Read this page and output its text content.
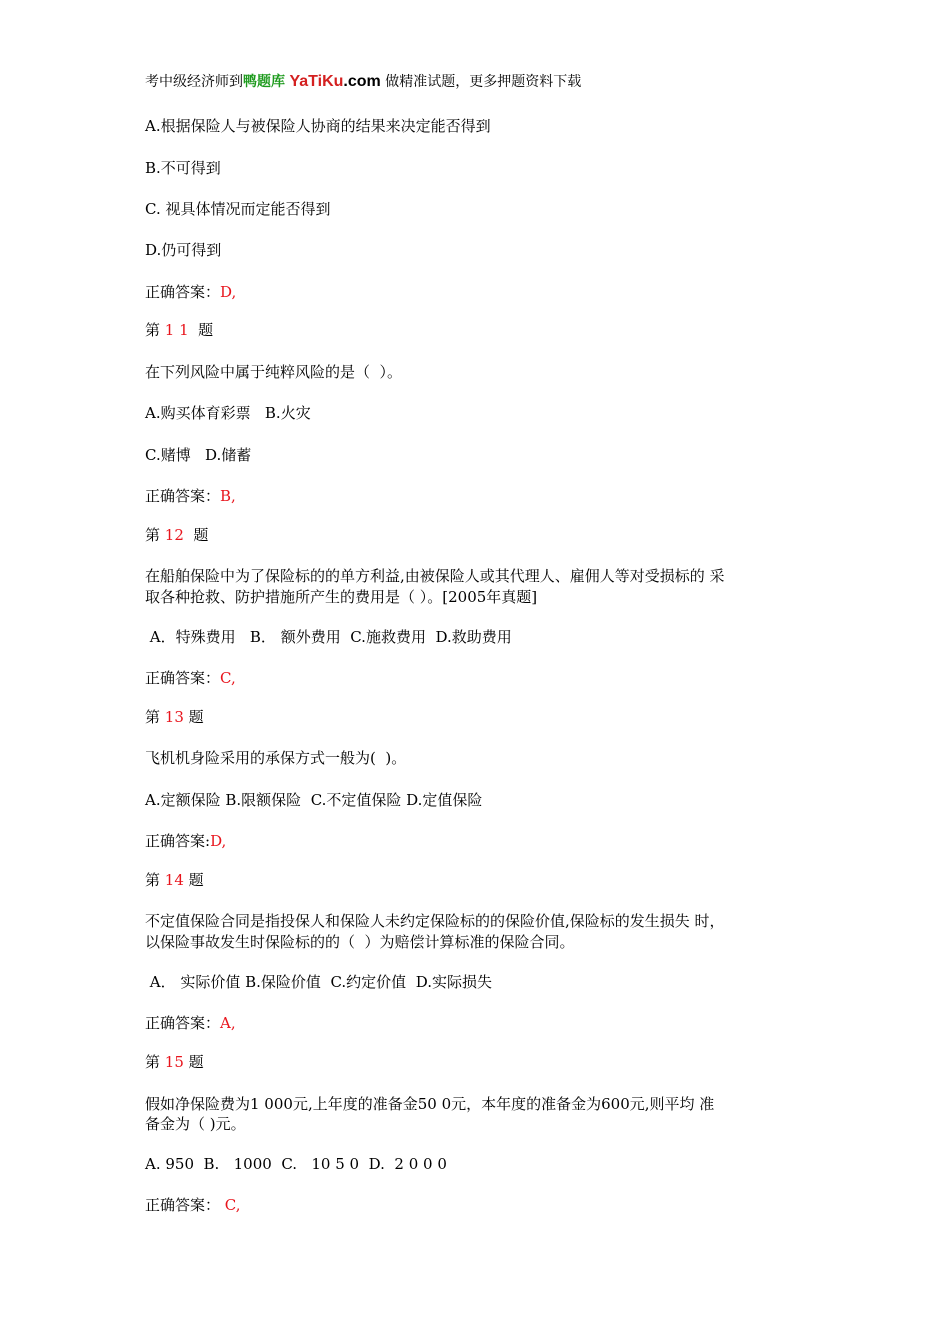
考中级经济师到鸭题库 YaTiKu.com 做精准试题，更多押题资料下载
A.根据保险人与被保险人协商的结果来决定能否得到
B.不可得到
C. 视具体情况而定能否得到
D.仍可得到
正确答案：D,
第 1 1  题
在下列风险中属于纯粹风险的是（  ）。
A.购买体育彩票   B.火灾
C.赌博   D.储蓄
正确答案：B,
第 12  题
在船舶保险中为了保险标的的单方利益,由被保险人或其代理人、雇佣人等对受损标的 采
取各种抢救、防护措施所产生的费用是（ ）。[2005年真题]
A．特殊费用   B． 额外费用  C.施救费用  D.救助费用
正确答案：C,
第 13 题
飞机机身险采用的承保方式一般为(  )。
A.定额保险 B.限额保险  C.不定值保险 D.定值保险
正确答案:D,
第 14 题
不定值保险合同是指投保人和保险人未约定保险标的的保险价值,保险标的发生损失 时，
以保险事故发生时保险标的的（  ）为赔偿计算标准的保险合同。
A． 实际价值 B.保险价值  C.约定价值  D.实际损失
正确答案：A,
第 15 题
假如净保险费为1 000元,上年度的准备金50 0元，本年度的准备金为600元,则平均 准
备金为（ )元。
A. 950  B.   1000  C.   10 5 0  D.  2 0 0 0
正确答案： C,
